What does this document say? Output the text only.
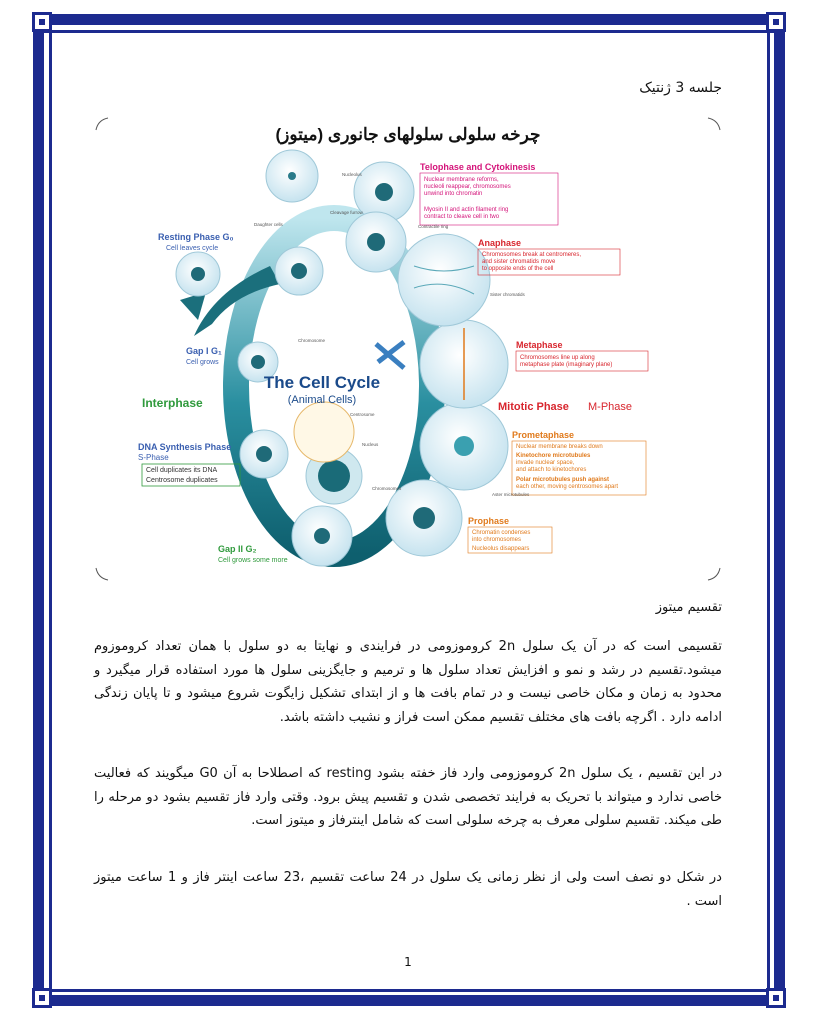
جلسه 3 ژنتیک
چرخه سلولی سلولهای جانوری (میتوز)
The Cell Cycle
(Animal Cells)
Resting Phase G₀
Cell leaves cycle
Gap I G₁
Cell grows
Interphase
DNA Synthesis Phase
S-Phase
Cell duplicates its DNA
Centrosome duplicates
Gap II G₂
Cell grows some more
Telophase and Cytokinesis
Nuclear membrane reforms,
nucleoli reappear, chromosomes
unwind into chromatin
Myosin II and actin filament ring
contract to cleave cell in two
Anaphase
Chromosomes break at centromeres,
and sister chromatids move
to opposite ends of the cell
Metaphase
Chromosomes line up along
metaphase plate (imaginary plane)
Mitotic Phase M-Phase
Prometaphase
Nuclear membrane breaks down
Kinetochore microtubules
invade nuclear space,
and attach to kinetochores
Polar microtubules push against
each other, moving centrosomes apart
Prophase
Chromatin condenses
into chromosomes
Nucleolus disappears
Nucleolus
Cleavage furrow
Contractile ring
Daughter cells
Sister chromatids
Chromosome
Centrosome
Nucleus
Aster microtubules
Chromosomes
تقسیم میتوز

تقسیمی است که در آن یک سلول 2n کروموزومی در فرایندی و نهایتا به دو سلول با همان تعداد کروموزوم میشود.تقسیم در رشد و نمو و افزایش تعداد سلول ها و ترمیم و جایگزینی سلول ها مورد استفاده قرار میگیرد و محدود به زمان و مکان خاصی نیست و در تمام بافت ها و از ابتدای تشکیل زایگوت شروع میشود و تا پایان زندگی ادامه دارد . اگرچه بافت های مختلف تقسیم ممکن است فراز و نشیب داشته باشد.

در این تقسیم ، یک سلول 2n کروموزومی وارد فاز خفته بشود resting که اصطلاحا به آن G0 میگویند که فعالیت خاصی ندارد و میتواند با تحریک به فرایند تخصصی شدن و تقسیم پیش برود. وقتی وارد فاز تقسیم بشود دو مرحله را طی میکند. تقسیم سلولی معرف به چرخه سلولی است که شامل اینترفاز و میتوز است.

در شکل دو نصف است ولی از نظر زمانی یک سلول در 24 ساعت تقسیم ،23 ساعت اینتر فاز و 1 ساعت میتوز است .

1
